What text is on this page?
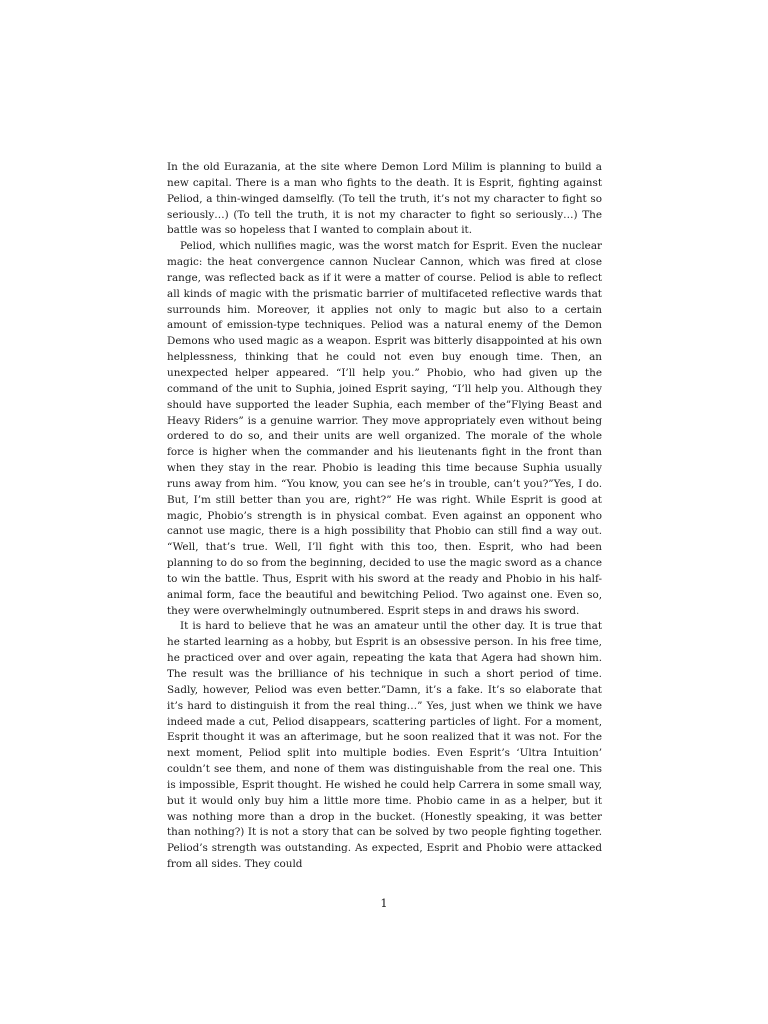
In the old Eurazania, at the site where Demon Lord Milim is planning to build a new capital. There is a man who fights to the death. It is Esprit, fighting against Peliod, a thin-winged damselfly. (To tell the truth, it’s not my character to fight so seriously…) (To tell the truth, it is not my character to fight so seriously…) The battle was so hopeless that I wanted to complain about it.

Peliod, which nullifies magic, was the worst match for Esprit. Even the nuclear magic: the heat convergence cannon Nuclear Cannon, which was fired at close range, was reflected back as if it were a matter of course. Peliod is able to reflect all kinds of magic with the prismatic barrier of multifaceted reflective wards that surrounds him. Moreover, it applies not only to magic but also to a certain amount of emission-type techniques. Peliod was a natural enemy of the Demon Demons who used magic as a weapon. Esprit was bitterly disappointed at his own helplessness, thinking that he could not even buy enough time. Then, an unexpected helper appeared. “I’ll help you.” Phobio, who had given up the command of the unit to Suphia, joined Esprit saying, “I’ll help you. Although they should have supported the leader Suphia, each member of the”Flying Beast and Heavy Riders” is a genuine warrior. They move appropriately even without being ordered to do so, and their units are well organized. The morale of the whole force is higher when the commander and his lieutenants fight in the front than when they stay in the rear. Phobio is leading this time because Suphia usually runs away from him. “You know, you can see he’s in trouble, can’t you?”Yes, I do. But, I’m still better than you are, right?” He was right. While Esprit is good at magic, Phobio’s strength is in physical combat. Even against an opponent who cannot use magic, there is a high possibility that Phobio can still find a way out. “Well, that’s true. Well, I’ll fight with this too, then. Esprit, who had been planning to do so from the beginning, decided to use the magic sword as a chance to win the battle. Thus, Esprit with his sword at the ready and Phobio in his half-animal form, face the beautiful and bewitching Peliod. Two against one. Even so, they were overwhelmingly outnumbered. Esprit steps in and draws his sword.

It is hard to believe that he was an amateur until the other day. It is true that he started learning as a hobby, but Esprit is an obsessive person. In his free time, he practiced over and over again, repeating the kata that Agera had shown him. The result was the brilliance of his technique in such a short period of time. Sadly, however, Peliod was even better.”Damn, it’s a fake. It’s so elaborate that it’s hard to distinguish it from the real thing…” Yes, just when we think we have indeed made a cut, Peliod disappears, scattering particles of light. For a moment, Esprit thought it was an afterimage, but he soon realized that it was not. For the next moment, Peliod split into multiple bodies. Even Esprit’s ‘Ultra Intuition’ couldn’t see them, and none of them was distinguishable from the real one. This is impossible, Esprit thought. He wished he could help Carrera in some small way, but it would only buy him a little more time. Phobio came in as a helper, but it was nothing more than a drop in the bucket. (Honestly speaking, it was better than nothing?) It is not a story that can be solved by two people fighting together. Peliod’s strength was outstanding. As expected, Esprit and Phobio were attacked from all sides. They could

1
